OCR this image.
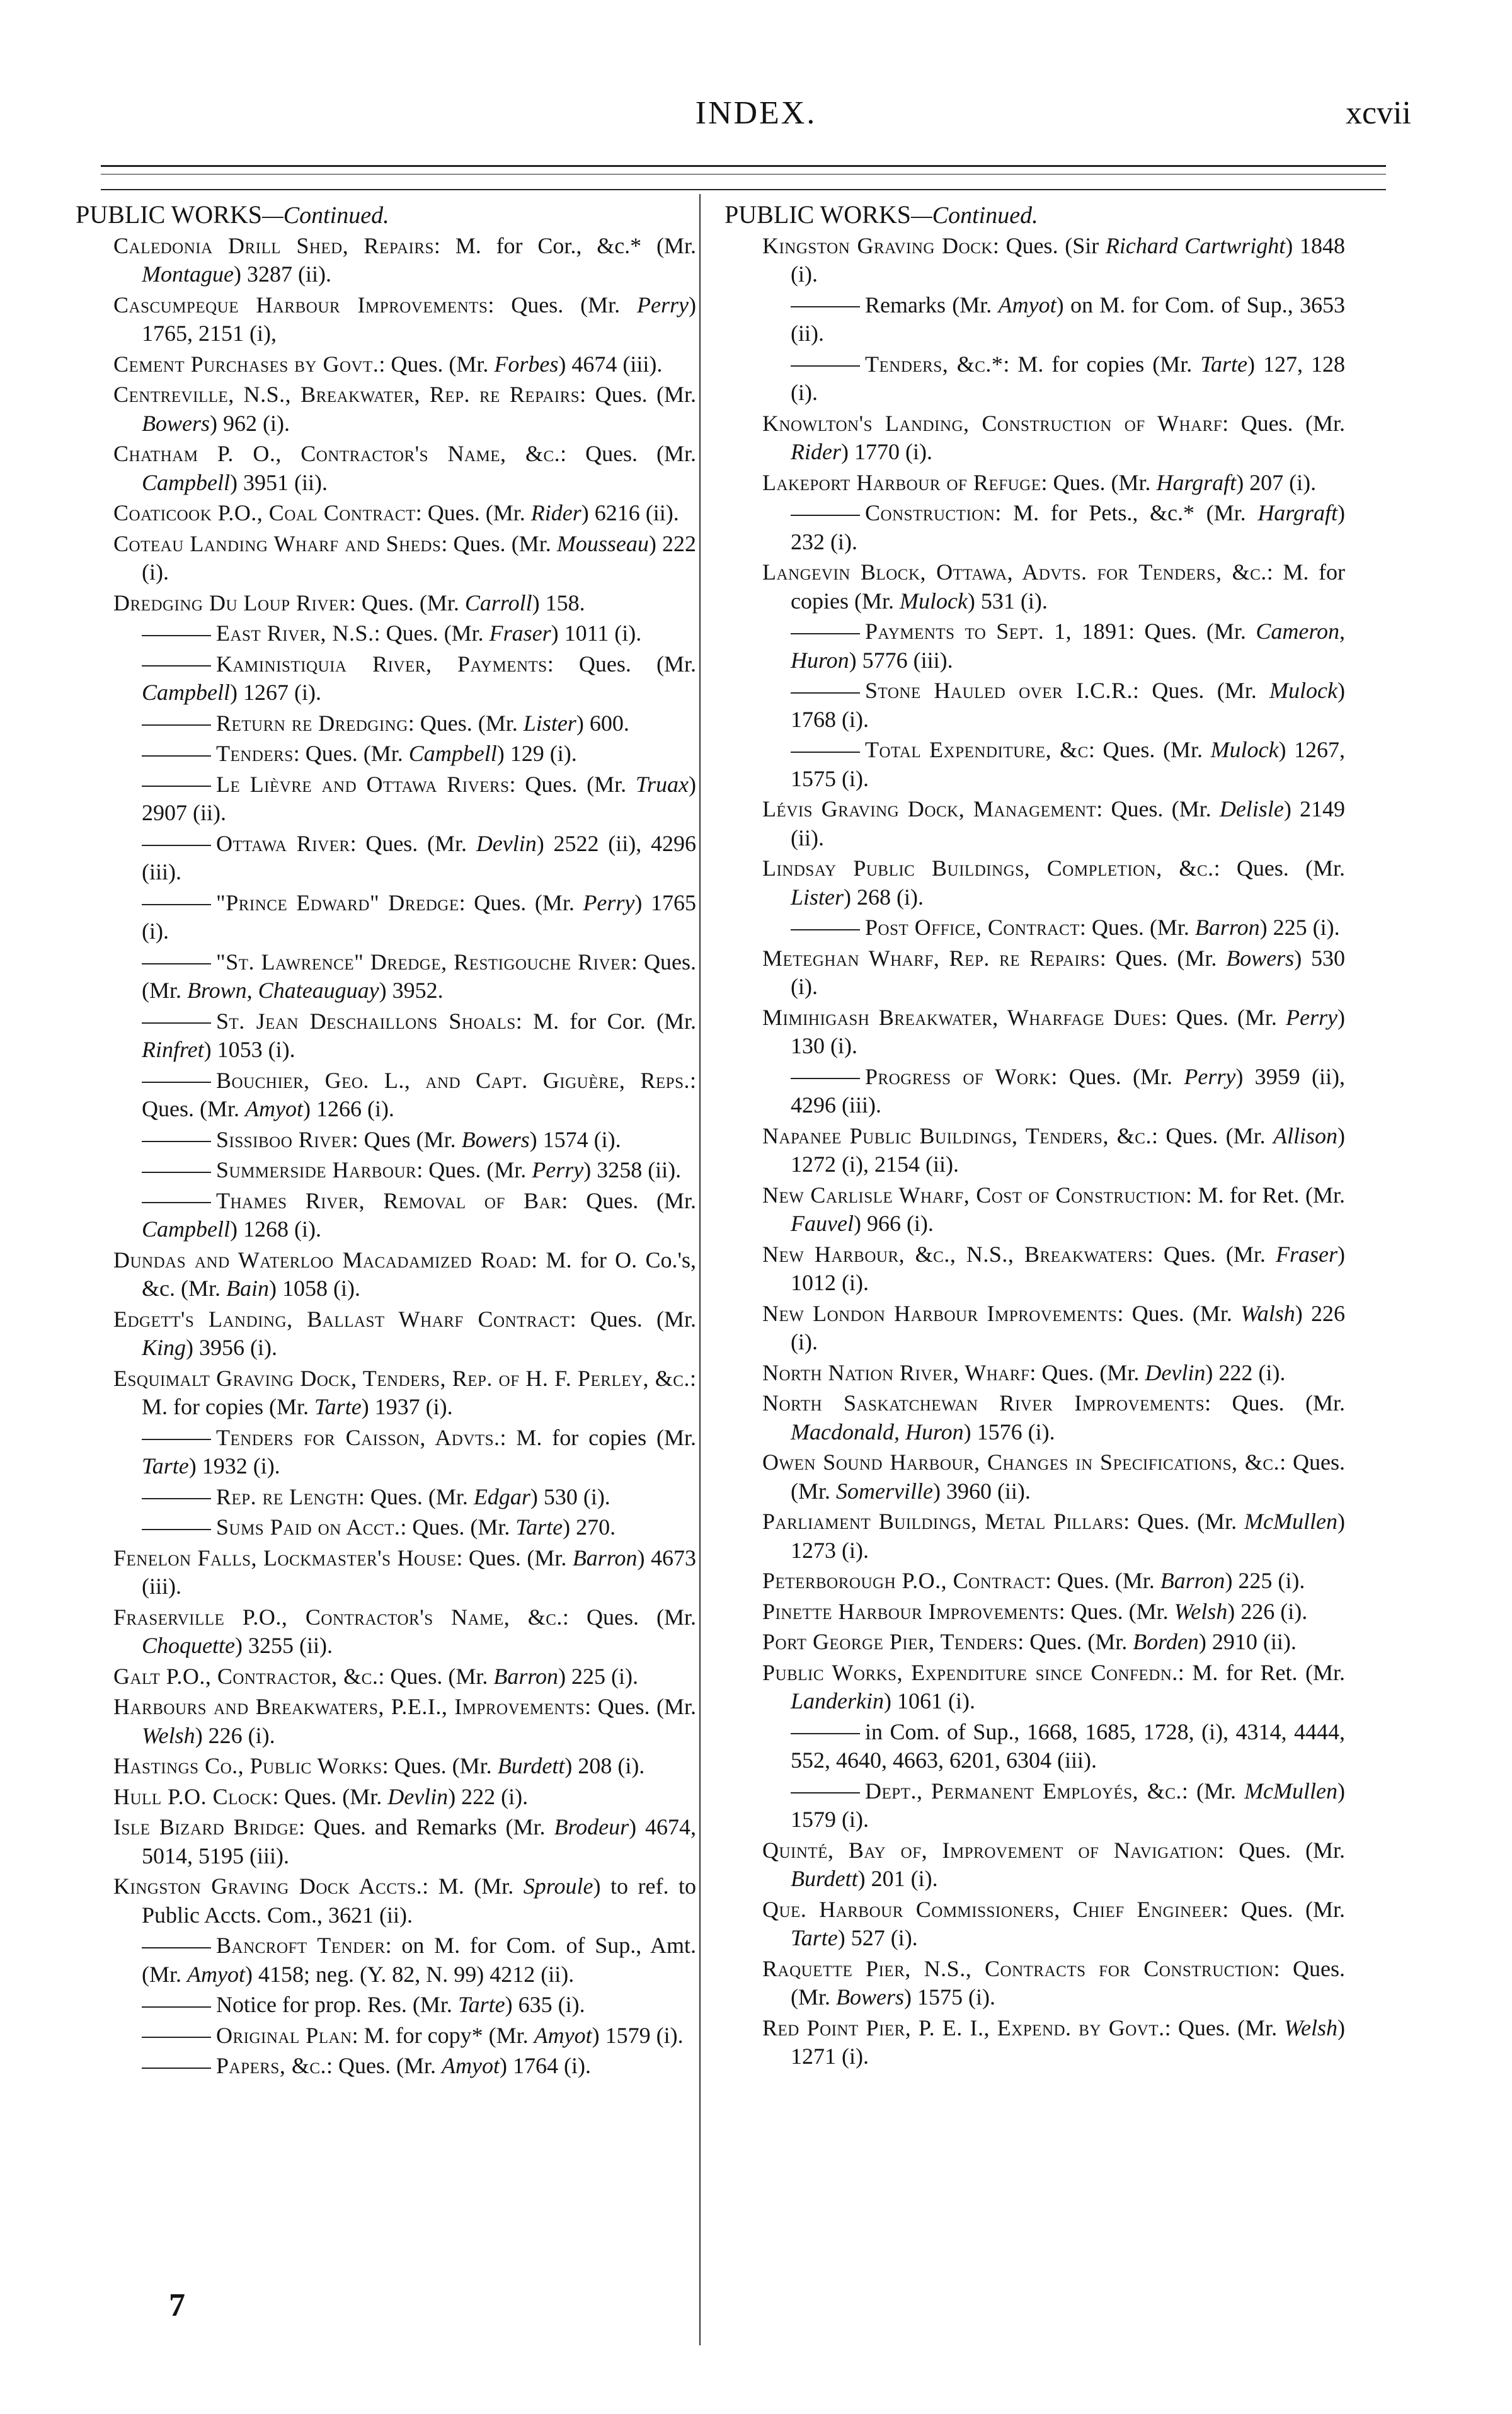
INDEX.	xcvii
PUBLIC WORKS—Continued.
Caledonia Drill Shed, Repairs: M. for Cor., &c.* (Mr. Montague) 3287 (ii).
Cascumpeque Harbour Improvements: Ques. (Mr. Perry) 1765, 2151 (i),
Cement Purchases by Govt.: Ques. (Mr. Forbes) 4674 (iii).
Centreville, N.S., Breakwater, Rep. re Repairs: Ques. (Mr. Bowers) 962 (i).
Chatham P. O., Contractor's Name, &c.: Ques. (Mr. Campbell) 3951 (ii).
Coaticook P.O., Coal Contract: Ques. (Mr. Rider) 6216 (ii).
Coteau Landing Wharf and Sheds: Ques. (Mr. Mousseau) 222 (i).
Dredging Du Loup River: Ques. (Mr. Carroll) 158.
East River, N.S.: Ques. (Mr. Fraser) 1011 (i).
Kaministiquia River, Payments: Ques. (Mr. Campbell) 1267 (i).
Return re Dredging: Ques. (Mr. Lister) 600.
Tenders: Ques. (Mr. Campbell) 129 (i).
Le Lièvre and Ottawa Rivers: Ques. (Mr. Truax) 2907 (ii).
Ottawa River: Ques. (Mr. Devlin) 2522 (ii), 4296 (iii).
"Prince Edward" Dredge: Ques. (Mr. Perry) 1765 (i).
"St. Lawrence" Dredge, Restigouche River: Ques. (Mr. Brown, Chateauguay) 3952.
St. Jean Deschaillons Shoals: M. for Cor. (Mr. Rinfret) 1053 (i).
Bouchier, Geo. L., and Capt. Giguère, Reps.: Ques. (Mr. Amyot) 1266 (i).
Sissiboo River: Ques (Mr. Bowers) 1574 (i).
Summerside Harbour: Ques. (Mr. Perry) 3258 (ii).
Thames River, Removal of Bar: Ques. (Mr. Campbell) 1268 (i).
Dundas and Waterloo Macadamized Road: M. for O. Co.'s, &c. (Mr. Bain) 1058 (i).
Edgett's Landing, Ballast Wharf Contract: Ques. (Mr. King) 3956 (i).
Esquimalt Graving Dock, Tenders, Rep. of H. F. Perley, &c.: M. for copies (Mr. Tarte) 1937 (i).
Tenders for Caisson, Advts.: M. for copies (Mr. Tarte) 1932 (i).
Rep. re Length: Ques. (Mr. Edgar) 530 (i).
Sums Paid on Acct.: Ques. (Mr. Tarte) 270.
Fenelon Falls, Lockmaster's House: Ques. (Mr. Barron) 4673 (iii).
Fraserville P.O., Contractor's Name, &c.: Ques. (Mr. Choquette) 3255 (ii).
Galt P.O., Contractor, &c.: Ques. (Mr. Barron) 225 (i).
Harbours and Breakwaters, P.E.I., Improvements: Ques. (Mr. Welsh) 226 (i).
Hastings Co., Public Works: Ques. (Mr. Burdett) 208 (i).
Hull P.O. Clock: Ques. (Mr. Devlin) 222 (i).
Isle Bizard Bridge: Ques. and Remarks (Mr. Brodeur) 4674, 5014, 5195 (iii).
Kingston Graving Dock Accts.: M. (Mr. Sproule) to ref. to Public Accts. Com., 3621 (ii).
Bancroft Tender: on M. for Com. of Sup., Amt. (Mr. Amyot) 4158; neg. (Y. 82, N. 99) 4212 (ii).
Notice for prop. Res. (Mr. Tarte) 635 (i).
Original Plan: M. for copy* (Mr. Amyot) 1579 (i).
Papers, &c.: Ques. (Mr. Amyot) 1764 (i).
PUBLIC WORKS—Continued.
Kingston Graving Dock: Ques. (Sir Richard Cartwright) 1848 (i).
Remarks (Mr. Amyot) on M. for Com. of Sup., 3653 (ii).
Tenders, &c.*: M. for copies (Mr. Tarte) 127, 128 (i).
Knowlton's Landing, Construction of Wharf: Ques. (Mr. Rider) 1770 (i).
Lakeport Harbour of Refuge: Ques. (Mr. Hargraft) 207 (i).
Construction: M. for Pets., &c.* (Mr. Hargraft) 232 (i).
Langevin Block, Ottawa, Advts. for Tenders, &c.: M. for copies (Mr. Mulock) 531 (i).
Payments to Sept. 1, 1891: Ques. (Mr. Cameron, Huron) 5776 (iii).
Stone Hauled over I.C.R.: Ques. (Mr. Mulock) 1768 (i).
Total Expenditure, &c: Ques. (Mr. Mulock) 1267, 1575 (i).
Lévis Graving Dock, Management: Ques. (Mr. Delisle) 2149 (ii).
Lindsay Public Buildings, Completion, &c.: Ques. (Mr. Lister) 268 (i).
Post Office, Contract: Ques. (Mr. Barron) 225 (i).
Meteghan Wharf, Rep. re Repairs: Ques. (Mr. Bowers) 530 (i).
Mimінigash Breakwater, Wharfage Dues: Ques. (Mr. Perry) 130 (i).
Progress of Work: Ques. (Mr. Perry) 3959 (ii), 4296 (iii).
Napanee Public Buildings, Tenders, &c.: Ques. (Mr. Allison) 1272 (i), 2154 (ii).
New Carlisle Wharf, Cost of Construction: M. for Ret. (Mr. Fauvel) 966 (i).
New Harbour, &c., N.S., Breakwaters: Ques. (Mr. Fraser) 1012 (i).
New London Harbour Improvements: Ques. (Mr. Walsh) 226 (i).
North Nation River, Wharf: Ques. (Mr. Devlin) 222 (i).
North Saskatchewan River Improvements: Ques. (Mr. Macdonald, Huron) 1576 (i).
Owen Sound Harbour, Changes in Specifications, &c.: Ques. (Mr. Somerville) 3960 (ii).
Parliament Buildings, Metal Pillars: Ques. (Mr. McMullen) 1273 (i).
Peterborough P.O., Contract: Ques. (Mr. Barron) 225 (i).
Pinette Harbour Improvements: Ques. (Mr. Welsh) 226 (i).
Port George Pier, Tenders: Ques. (Mr. Borden) 2910 (ii).
Public Works, Expenditure since Confedn.: M. for Ret. (Mr. Landerkin) 1061 (i).
in Com. of Sup., 1668, 1685, 1728, (i), 4314, 4444, 552, 4640, 4663, 6201, 6304 (iii).
Dept., Permanent Employés, &c.: (Mr. McMullen) 1579 (i).
Quinté, Bay of, Improvement of Navigation: Ques. (Mr. Burdett) 201 (i).
Que. Harbour Commissioners, Chief Engineer: Ques. (Mr. Tarte) 527 (i).
Raquette Pier, N.S., Contracts for Construction: Ques. (Mr. Bowers) 1575 (i).
Red Point Pier, P. E. I., Expend. by Govt.: Ques. (Mr. Welsh) 1271 (i).
7
